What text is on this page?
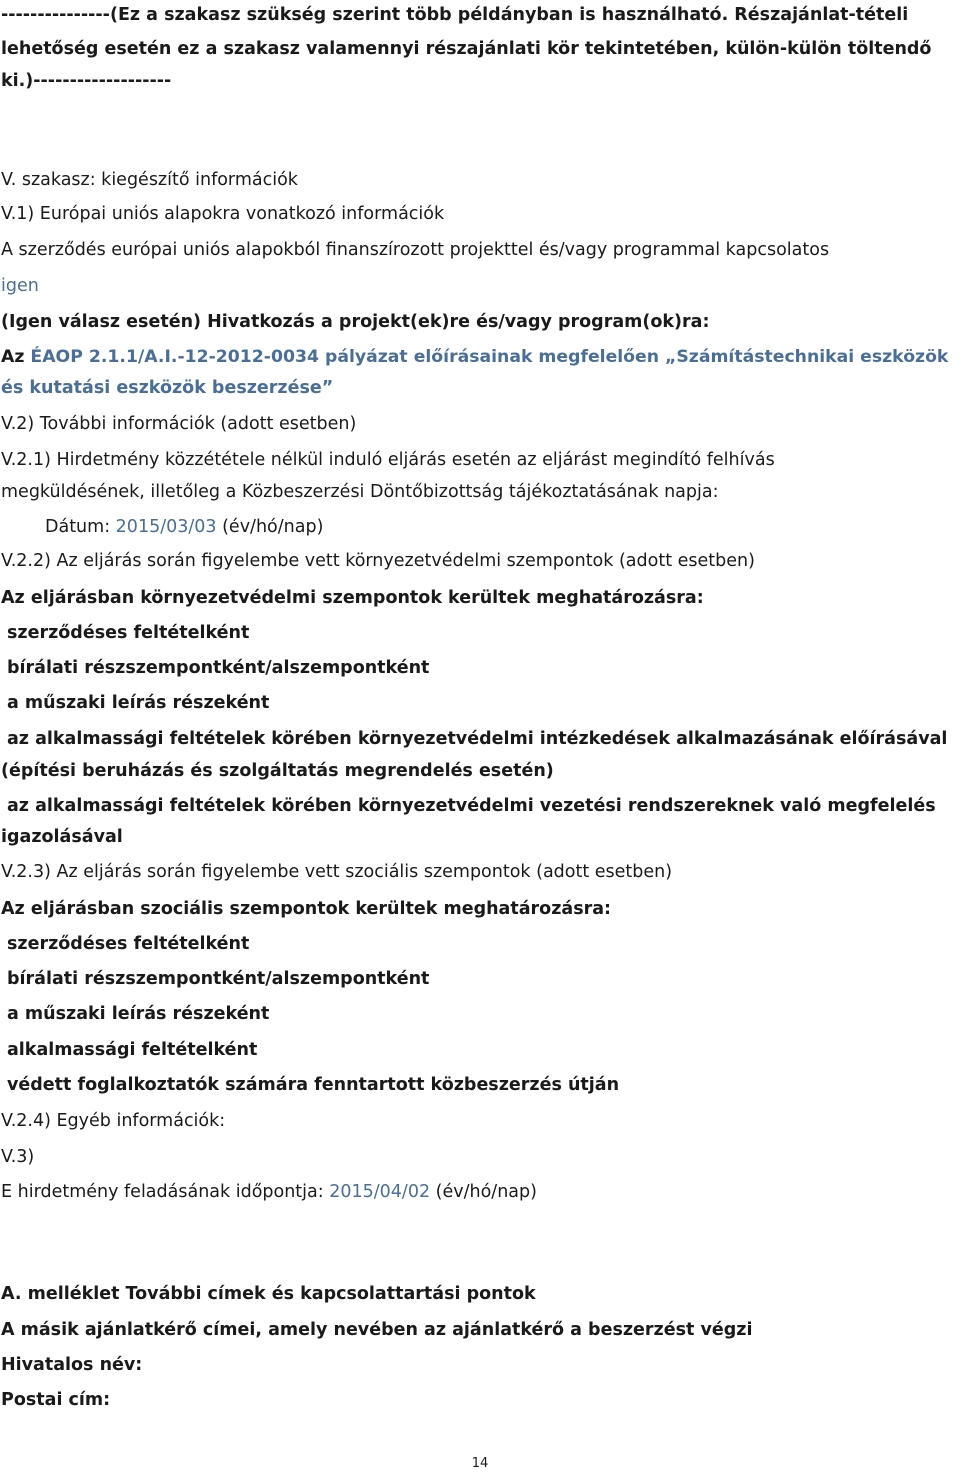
---------------(Ez a szakasz szükség szerint több példányban is használható. Részajánlat-tételi
lehetőség esetén ez a szakasz valamennyi részajánlati kör tekintetében, külön-külön töltendő
ki.)-------------------
V. szakasz: kiegészítő információk
V.1) Európai uniós alapokra vonatkozó információk
A szerződés európai uniós alapokból finanszírozott projekttel és/vagy programmal kapcsolatos
igen
(Igen válasz esetén) Hivatkozás a projekt(ek)re és/vagy program(ok)ra:
Az ÉAOP 2.1.1/A.I.-12-2012-0034 pályázat előírásainak megfelelően „Számítástechnikai eszközök
és kutatási eszközök beszerzése”
V.2) További információk (adott esetben)
V.2.1) Hirdetmény közzététele nélkül induló eljárás esetén az eljárást megindító felhívás
megküldésének, illetőleg a Közbeszerzési Döntőbizottság tájékoztatásának napja:
Dátum: 2015/03/03 (év/hó/nap)
V.2.2) Az eljárás során figyelembe vett környezetvédelmi szempontok (adott esetben)
Az eljárásban környezetvédelmi szempontok kerültek meghatározásra:
szerződéses feltételként
bírálati részszempontként/alszempontként
a műszaki leírás részeként
az alkalmassági feltételek körében környezetvédelmi intézkedések alkalmazásának előírásával
(építési beruházás és szolgáltatás megrendelés esetén)
az alkalmassági feltételek körében környezetvédelmi vezetési rendszereknek való megfelelés
igazolásával
V.2.3) Az eljárás során figyelembe vett szociális szempontok (adott esetben)
Az eljárásban szociális szempontok kerültek meghatározásra:
szerződéses feltételként
bírálati részszempontként/alszempontként
a műszaki leírás részeként
alkalmassági feltételként
védett foglalkoztatók számára fenntartott közbeszerzés útján
V.2.4) Egyéb információk:
V.3)
E hirdetmény feladásának időpontja: 2015/04/02 (év/hó/nap)
A. melléklet További címek és kapcsolattartási pontok
A másik ajánlatkérő címei, amely nevében az ajánlatkérő a beszerzést végzi
Hivatalos név:
Postai cím:
14
